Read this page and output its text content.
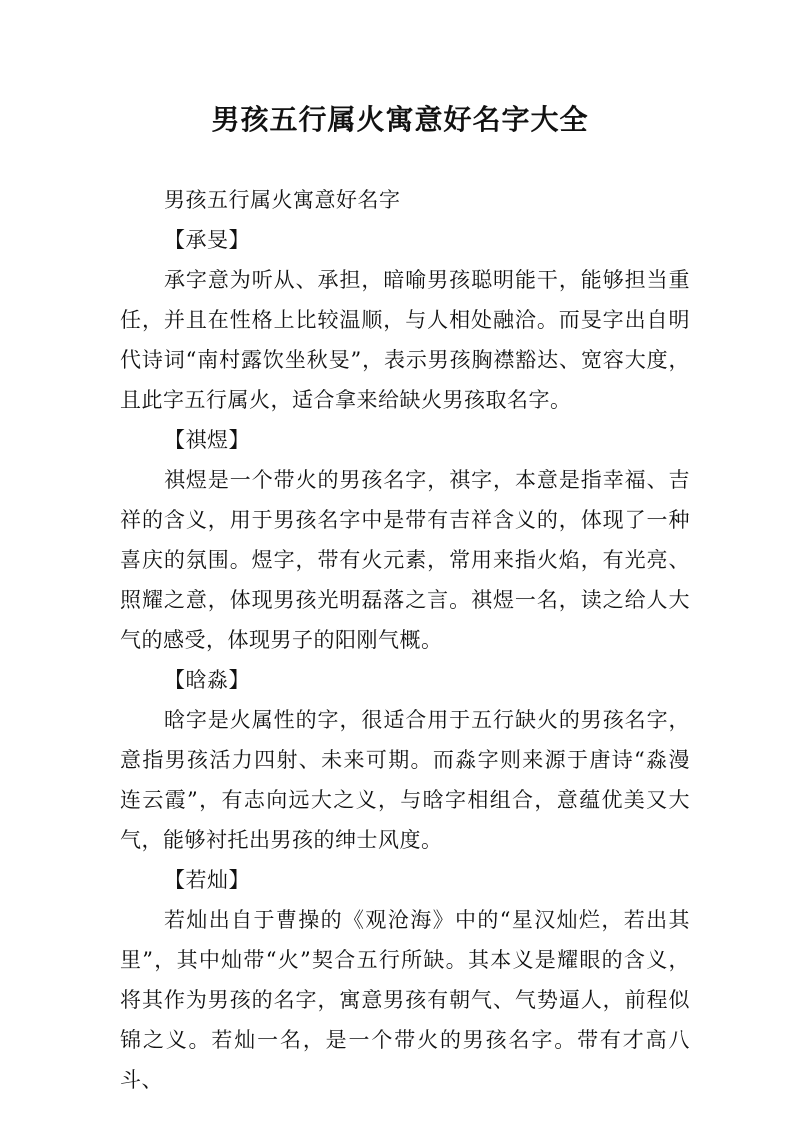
男孩五行属火寓意好名字大全
男孩五行属火寓意好名字
【承旻】
承字意为听从、承担，暗喻男孩聪明能干，能够担当重任，并且在性格上比较温顺，与人相处融洽。而旻字出自明代诗词“南村露饮坐秋旻”，表示男孩胸襟豁达、宽容大度，且此字五行属火，适合拿来给缺火男孩取名字。
【祺煜】
祺煜是一个带火的男孩名字，祺字，本意是指幸福、吉祥的含义，用于男孩名字中是带有吉祥含义的，体现了一种喜庆的氛围。煜字，带有火元素，常用来指火焰，有光亮、照耀之意，体现男孩光明磊落之言。祺煜一名，读之给人大气的感受，体现男子的阳刚气概。
【晗淼】
晗字是火属性的字，很适合用于五行缺火的男孩名字，意指男孩活力四射、未来可期。而淼字则来源于唐诗“淼漫连云霞”，有志向远大之义，与晗字相组合，意蕴优美又大气，能够衬托出男孩的绅士风度。
【若灿】
若灿出自于曹操的《观沧海》中的“星汉灿烂，若出其里”，其中灿带“火”契合五行所缺。其本义是耀眼的含义，将其作为男孩的名字，寓意男孩有朝气、气势逼人，前程似锦之义。若灿一名，是一个带火的男孩名字。带有才高八斗、
